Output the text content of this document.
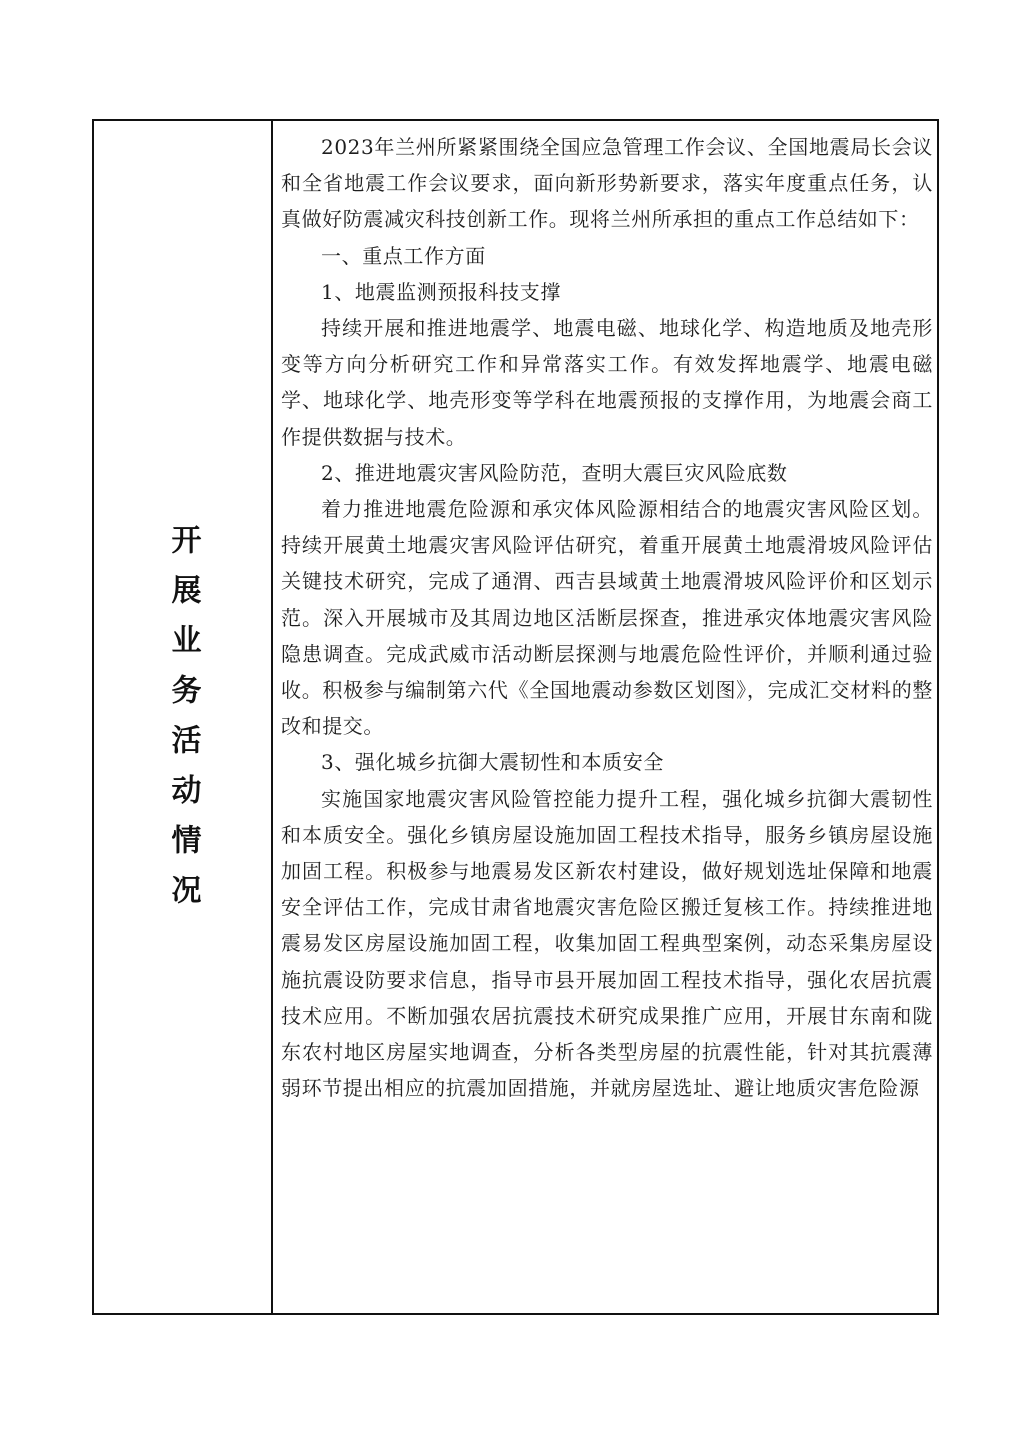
开展业务活动情况

2023年兰州所紧紧围绕全国应急管理工作会议、全国地震局长会议和全省地震工作会议要求，面向新形势新要求，落实年度重点任务，认真做好防震减灾科技创新工作。现将兰州所承担的重点工作总结如下：

一、重点工作方面

1、地震监测预报科技支撑

持续开展和推进地震学、地震电磁、地球化学、构造地质及地壳形变等方向分析研究工作和异常落实工作。有效发挥地震学、地震电磁学、地球化学、地壳形变等学科在地震预报的支撑作用，为地震会商工作提供数据与技术。

2、推进地震灾害风险防范，查明大震巨灾风险底数

着力推进地震危险源和承灾体风险源相结合的地震灾害风险区划。持续开展黄土地震灾害风险评估研究，着重开展黄土地震滑坡风险评估关键技术研究，完成了通渭、西吉县域黄土地震滑坡风险评价和区划示范。深入开展城市及其周边地区活断层探查，推进承灾体地震灾害风险隐患调查。完成武威市活动断层探测与地震危险性评价，并顺利通过验收。积极参与编制第六代《全国地震动参数区划图》，完成汇交材料的整改和提交。

3、强化城乡抗御大震韧性和本质安全

实施国家地震灾害风险管控能力提升工程，强化城乡抗御大震韧性和本质安全。强化乡镇房屋设施加固工程技术指导，服务乡镇房屋设施加固工程。积极参与地震易发区新农村建设，做好规划选址保障和地震安全评估工作，完成甘肃省地震灾害危险区搬迁复核工作。持续推进地震易发区房屋设施加固工程，收集加固工程典型案例，动态采集房屋设施抗震设防要求信息，指导市县开展加固工程技术指导，强化农居抗震技术应用。不断加强农居抗震技术研究成果推广应用，开展甘东南和陇东农村地区房屋实地调查，分析各类型房屋的抗震性能，针对其抗震薄弱环节提出相应的抗震加固措施，并就房屋选址、避让地质灾害危险源
